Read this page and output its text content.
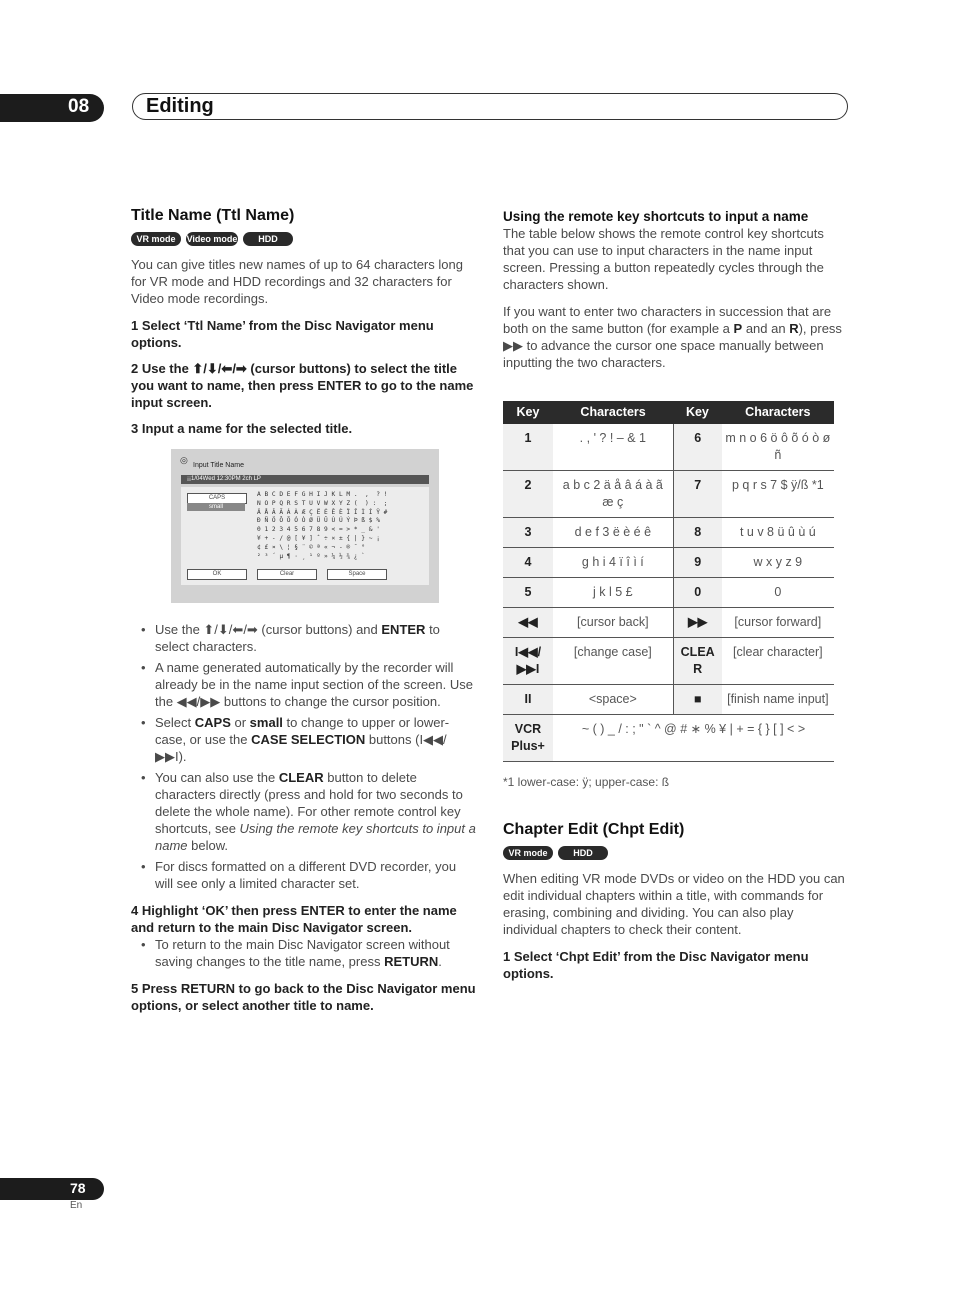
08	Editing
Title Name (Ttl Name)
VR mode	Video mode	HDD

You can give titles new names of up to 64 characters long for VR mode and HDD recordings and 32 characters for Video mode recordings.

1 Select ‘Ttl Name’ from the Disc Navigator menu options.
2 Use the ⬆/⬇/⬅/➡ (cursor buttons) to select the title you want to name, then press ENTER to go to the name input screen.
3 Input a name for the selected title.
◎
Input Title Name
¡¡1/04Wed 12:30PM 2ch LP
CAPS
small
A B C D E F G H I J K L M .  ,  ? !
N O P Q R S T U V W X Y Z (  ) :  ;
Ä Å Â Ã Á À Æ Ç Ë É Ê È Ï Î Ì Í Ÿ #
Ð Ñ Ö Ô Õ Ó Ò Ø Ü Û Ù Ú Ý Þ ß $ %
0 1 2 3 4 5 6 7 8 9 < = > * _ & '
¥ + - / @ [ ¥ ] ˆ ÷ × ± { | } ~ ¡
¢ £ ¤ \ ¦ § ¨ © ª « ¬ - ® ¯ °
² ³ ´ µ ¶ · ¸ ¹ º » ¼ ½ ¾ ¿ `
OK	Clear	Space
• Use the ⬆/⬇/⬅/➡ (cursor buttons) and ENTER to select characters.
• A name generated automatically by the recorder will already be in the name input section of the screen. Use the ◀◀/▶▶ buttons to change the cursor position.
• Select CAPS or small to change to upper or lower-case, or use the CASE SELECTION buttons (I◀◀/▶▶I).
• You can also use the CLEAR button to delete characters directly (press and hold for two seconds to delete the whole name). For other remote control key shortcuts, see Using the remote key shortcuts to input a name below.
• For discs formatted on a different DVD recorder, you will see only a limited character set.
4 Highlight ‘OK’ then press ENTER to enter the name and return to the main Disc Navigator screen.
• To return to the main Disc Navigator screen without saving changes to the title name, press RETURN.
5 Press RETURN to go back to the Disc Navigator menu options, or select another title to name.
Using the remote key shortcuts to input a name

The table below shows the remote control key shortcuts that you can use to input characters in the name input screen. Pressing a button repeatedly cycles through the characters shown.

If you want to enter two characters in succession that are both on the same button (for example a P and an R), press ▶▶ to advance the cursor one space manually between inputting the two characters.

Key	Characters	Key	Characters
1	. , ' ? ! – & 1	6	m n o 6 ö ô õ ó ò ø ñ
2	a b c 2 ä å â á à ã æ ç	7	p q r s 7 $ ÿ/ß *1
3	d e f 3 ë è é ê	8	t u v 8 ü û ù ú
4	g h i 4 ï î ì í	9	w x y z 9
5	j k l 5 £	0	0
◀◀	[cursor back]	▶▶	[cursor forward]
I◀◀/ ▶▶I	[change case]	CLEA R	[clear character]
II	<space>	■	[finish name input]
VCR Plus+	~ ( ) _ / : ; " ` ^ @ # ∗ % ¥ | + = { } [ ] < >		
*1 lower-case: ÿ; upper-case: ß
Chapter Edit (Chpt Edit)
VR mode	HDD

When editing VR mode DVDs or video on the HDD you can edit individual chapters within a title, with commands for erasing, combining and dividing. You can also play individual chapters to check their content.

1 Select ‘Chpt Edit’ from the Disc Navigator menu options.
78
En
